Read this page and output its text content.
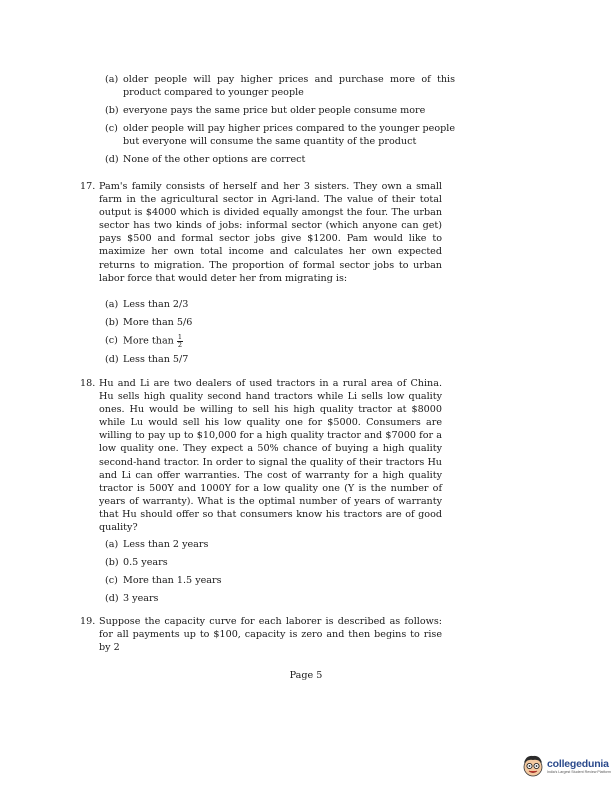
(a) older people will pay higher prices and purchase more of this product compared to younger people
(b) everyone pays the same price but older people consume more
(c) older people will pay higher prices compared to the younger people but everyone will consume the same quantity of the product
(d) None of the other options are correct
17. Pam's family consists of herself and her 3 sisters. They own a small farm in the agricultural sector in Agri-land. The value of their total output is $4000 which is divided equally amongst the four. The urban sector has two kinds of jobs: informal sector (which anyone can get) pays $500 and formal sector jobs give $1200. Pam would like to maximize her own total income and calculates her own expected returns to migration. The proportion of formal sector jobs to urban labor force that would deter her from migrating is:
(a) Less than 2/3
(b) More than 5/6
(c) More than $\frac{1}{2}$
(d) Less than 5/7
18. Hu and Li are two dealers of used tractors in a rural area of China. Hu sells high quality second hand tractors while Li sells low quality ones. Hu would be willing to sell his high quality tractor at $8000 while Lu would sell his low quality one for $5000. Consumers are willing to pay up to $10,000 for a high quality tractor and $7000 for a low quality one. They expect a 50% chance of buying a high quality second-hand tractor. In order to signal the quality of their tractors Hu and Li can offer warranties. The cost of warranty for a high quality tractor is 500Y and 1000Y for a low quality one (Y is the number of years of warranty). What is the optimal number of years of warranty that Hu should offer so that consumers know his tractors are of good quality?
(a) Less than 2 years
(b) 0.5 years
(c) More than 1.5 years
(d) 3 years
19. Suppose the capacity curve for each laborer is described as follows: for all payments up to $100, capacity is zero and then begins to rise by 2
Page 5
collegedunia
India's Largest Student Review Platform
